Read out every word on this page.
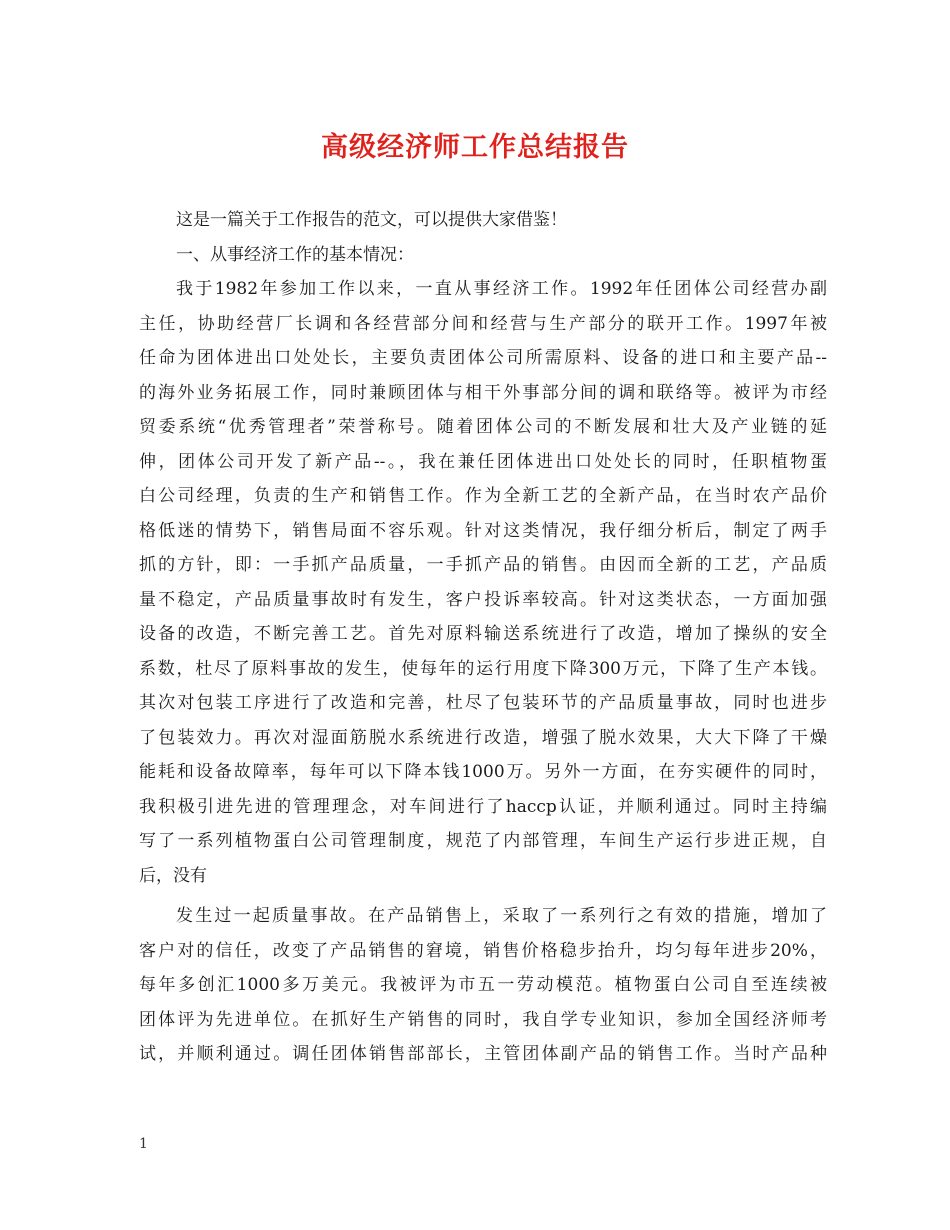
高级经济师工作总结报告
这是一篇关于工作报告的范文，可以提供大家借鉴！
一、从事经济工作的基本情况：
我于1982年参加工作以来，一直从事经济工作。1992年任团体公司经营办副
主任，协助经营厂长调和各经营部分间和经营与生产部分的联开工作。1997年被
任命为团体进出口处处长，主要负责团体公司所需原料、设备的进口和主要产品--
的海外业务拓展工作，同时兼顾团体与相干外事部分间的调和联络等。被评为市经
贸委系统“优秀管理者”荣誉称号。随着团体公司的不断发展和壮大及产业链的延
伸，团体公司开发了新产品--。，我在兼任团体进出口处处长的同时，任职植物蛋
白公司经理，负责的生产和销售工作。作为全新工艺的全新产品，在当时农产品价
格低迷的情势下，销售局面不容乐观。针对这类情况，我仔细分析后，制定了两手
抓的方针，即：一手抓产品质量，一手抓产品的销售。由因而全新的工艺，产品质
量不稳定，产品质量事故时有发生，客户投诉率较高。针对这类状态，一方面加强
设备的改造，不断完善工艺。首先对原料输送系统进行了改造，增加了操纵的安全
系数，杜尽了原料事故的发生，使每年的运行用度下降300万元，下降了生产本钱。
其次对包装工序进行了改造和完善，杜尽了包装环节的产品质量事故，同时也进步
了包装效力。再次对湿面筋脱水系统进行改造，增强了脱水效果，大大下降了干燥
能耗和设备故障率，每年可以下降本钱1000万。另外一方面，在夯实硬件的同时，
我积极引进先进的管理理念，对车间进行了haccp认证，并顺利通过。同时主持编
写了一系列植物蛋白公司管理制度，规范了内部管理，车间生产运行步进正规，自
后，没有
发生过一起质量事故。在产品销售上，采取了一系列行之有效的措施，增加了
客户对的信任，改变了产品销售的窘境，销售价格稳步抬升，均匀每年进步20%，
每年多创汇1000多万美元。我被评为市五一劳动模范。植物蛋白公司自至连续被
团体评为先进单位。在抓好生产销售的同时，我自学专业知识，参加全国经济师考
试，并顺利通过。调任团体销售部部长，主管团体副产品的销售工作。当时产品种
1
